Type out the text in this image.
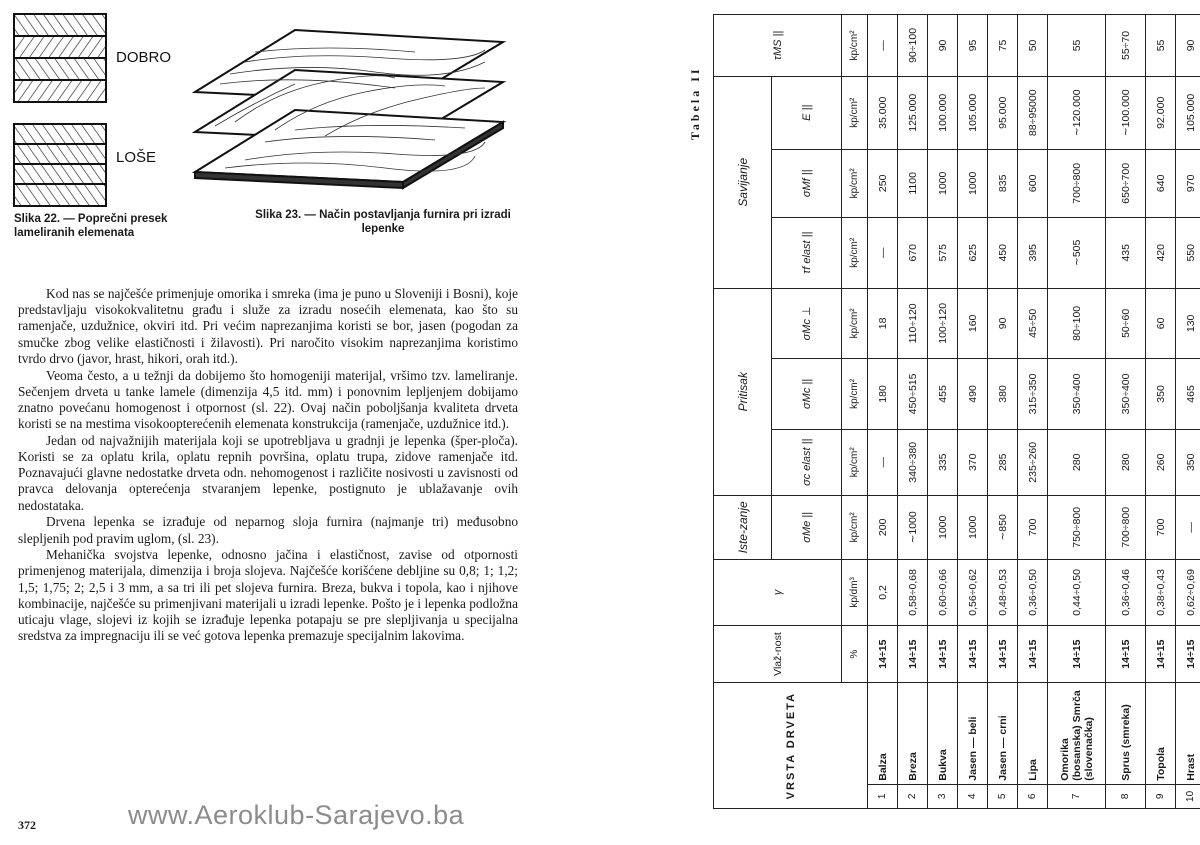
DOBRO
LOŠE
Slika 22. — Poprečni presek lameliranih elemenata
Slika 23. — Način postavljanja furnira pri izradi lepenke

Kod nas se najčešće primenjuje omorika i smreka (ima je puno u Sloveniji i Bosni), koje predstavljaju visokokvalitetnu građu i služe za izradu nosećih elemenata, kao što su ramenjače, uzdužnice, okviri itd. Pri većim naprezanjima koristi se bor, jasen (pogodan za smučke zbog velike elastičnosti i žilavosti). Pri naročito visokim naprezanjima koristimo tvrdo drvo (javor, hrast, hikori, orah itd.).

Veoma često, a u težnji da dobijemo što homogeniji materijal, vršimo tzv. lameliranje. Sečenjem drveta u tanke lamele (dimenzija 4,5 itd. mm) i ponovnim lepljenjem dobijamo znatno povećanu homogenost i otpornost (sl. 22). Ovaj način poboljšanja kvaliteta drveta koristi se na mestima visokoopterećenih elemenata konstrukcija (ramenjače, uzdužnice itd.).

Jedan od najvažnijih materijala koji se upotrebljava u gradnji je lepenka (šper-ploča). Koristi se za oplatu krila, oplatu repnih površina, oplatu trupa, zidove ramenjače itd. Poznavajući glavne nedostatke drveta odn. nehomogenost i različite nosivosti u zavisnosti od pravca delovanja opterećenja stvaranjem lepenke, postignuto je ublažavanje ovih nedostataka.

Drvena lepenka se izrađuje od neparnog sloja furnira (najmanje tri) međusobno slepljenih pod pravim uglom, (sl. 23).

Mehanička svojstva lepenke, odnosno jačina i elastičnost, zavise od otpornosti primenjenog materijala, dimenzija i broja slojeva. Najčešće korišćene debljine su 0,8; 1; 1,2; 1,5; 1,75; 2; 2,5 i 3 mm, a sa tri ili pet slojeva furnira. Breza, bukva i topola, kao i njihove kombinacije, najčešće su primenjivani materijali u izradi lepenke. Pošto je i lepenka podložna uticaju vlage, slojevi iz kojih se izrađuje lepenka potapaju se pre slepljivanja u specijalna sredstva za impregnaciju ili se već gotova lepenka premazuje specijalnim lakovima.

372	www.Aeroklub-Sarajevo.ba
Tabela II
VRSTA DRVETA		Vlaž-nost	γ	Iste-zanje	Pritisak			Savijanje			τMS ||
				σMe ||	σc elast ||	σMc ||	σMc ⊥	τf elast ||	σMf ||	E ||	
		%	kp/dm³	kp/cm²	kp/cm²	kp/cm²	kp/cm²	kp/cm²	kp/cm²	kp/cm²	kp/cm²
1	Balza	14÷15	0,2	200	—	180	18	—	250	35.000	—
2	Breza	14÷15	0,58÷0,68	∼1000	340÷380	450÷515	110÷120	670	1100	125.000	90÷100
3	Bukva	14÷15	0,60÷0,66	1000	335	455	100÷120	575	1000	100.000	90
4	Jasen — beli	14÷15	0,56÷0,62	1000	370	490	160	625	1000	105.000	95
5	Jasen — crni	14÷15	0,48÷0,53	∼850	285	380	90	450	835	95.000	75
6	Lipa	14÷15	0,36÷0,50	700	235÷260	315÷350	45÷50	395	600	88÷95000	50
7	Omorika (bosanska) Smrča (slovenačka)	14÷15	0,44÷0,50	750÷800	280	350÷400	80÷100	∼505	700÷800	∼120.000	55
8	Sprus (smreka)	14÷15	0,36÷0,46	700÷800	280	350÷400	50÷60	435	650÷700	∼100.000	55÷70
9	Topola	14÷15	0,38÷0,43	700	260	350	60	420	640	92.000	55
10	Hrast	14÷15	0,62÷0,69	—	350	465	130	550	970	105.000	90
